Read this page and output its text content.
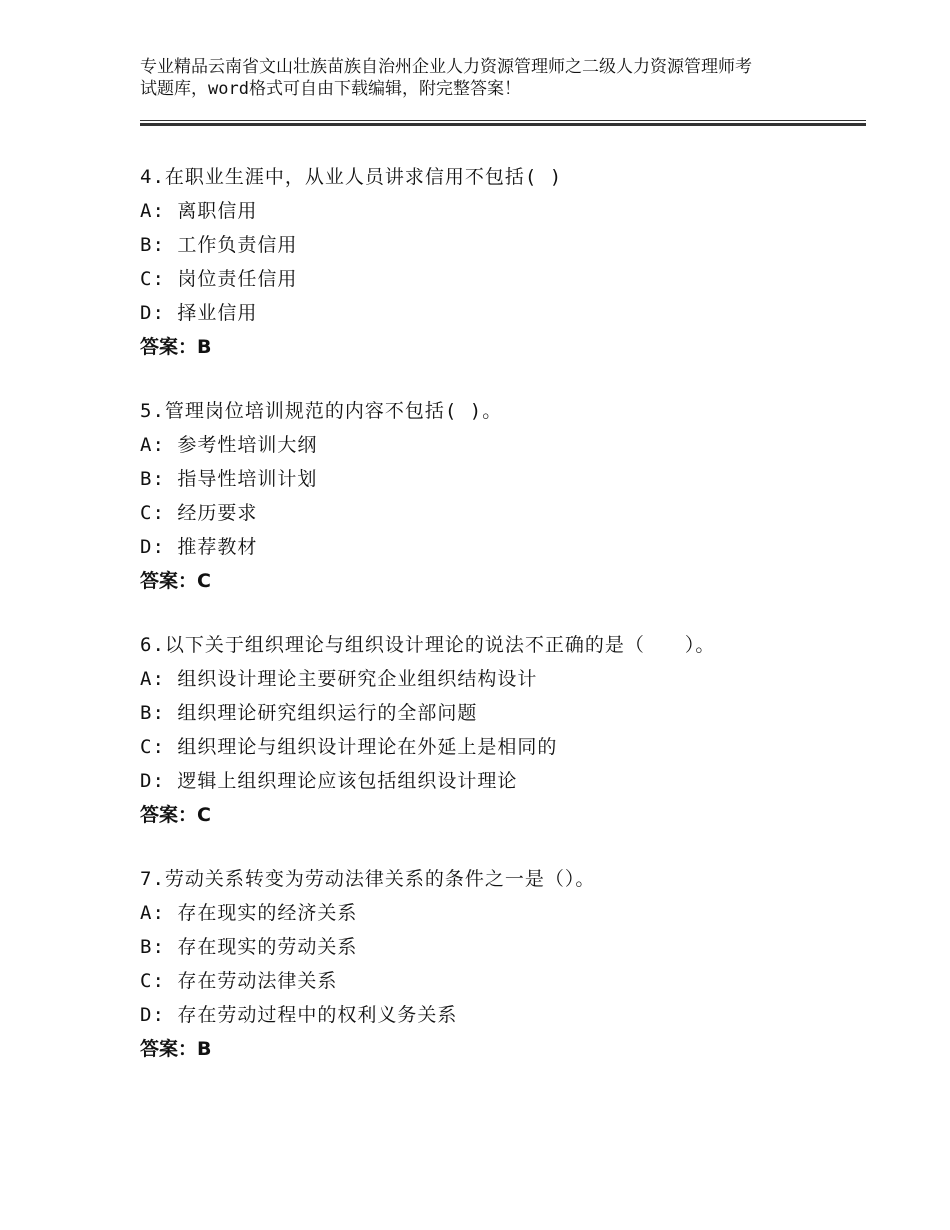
专业精品云南省文山壮族苗族自治州企业人力资源管理师之二级人力资源管理师考
试题库，word格式可自由下载编辑，附完整答案！
4.在职业生涯中，从业人员讲求信用不包括( )
A: 离职信用
B: 工作负责信用
C: 岗位责任信用
D: 择业信用
答案：B
5.管理岗位培训规范的内容不包括( )。
A: 参考性培训大纲
B: 指导性培训计划
C: 经历要求
D: 推荐教材
答案：C
6.以下关于组织理论与组织设计理论的说法不正确的是（　　）。
A: 组织设计理论主要研究企业组织结构设计
B: 组织理论研究组织运行的全部问题
C: 组织理论与组织设计理论在外延上是相同的
D: 逻辑上组织理论应该包括组织设计理论
答案：C
7.劳动关系转变为劳动法律关系的条件之一是（）。
A: 存在现实的经济关系
B: 存在现实的劳动关系
C: 存在劳动法律关系
D: 存在劳动过程中的权利义务关系
答案：B
